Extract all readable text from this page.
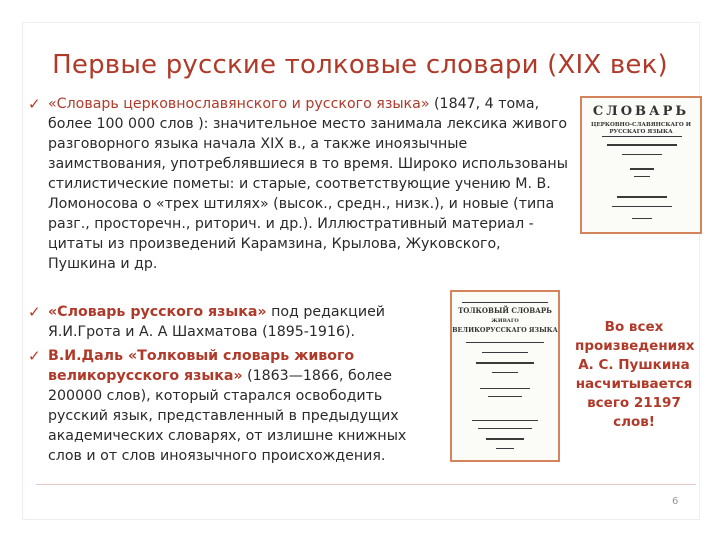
Первые русские толковые словари (XIX век)
✓ «Словарь церковнославянского и русского языка» (1847, 4 тома, более 100 000 слов ): значительное место занимала лексика живого разговорного языка начала XIX в., а также иноязычные заимствования, употреблявшиеся в то время. Широко использованы стилистические пометы: и старые, соответствующие учению М. В. Ломоносова о «трех штилях» (высок., средн., низк.), и новые (типа разг., просторечн., риторич. и др.). Иллюстративный материал - цитаты из произведений Карамзина, Крылова, Жуковского, Пушкина и др.
СЛОВАРЬ
ЦЕРКОВНО-СЛАВЯНСКАГО И РУССКАГО ЯЗЫКА
✓ «Словарь русского языка» под редакцией Я.И.Грота и А. А Шахматова (1895‑1916).
✓ В.И.Даль «Толковый словарь живого великорусского языка» (1863—1866, более 200000 слов), который старался освободить русский язык, представленный в предыдущих академических словарях, от излишне книжных слов и от слов иноязычного происхождения.
ТОЛКОВЫЙ СЛОВАРЬ
ЖИВАГО
ВЕЛИКОРУССКАГО ЯЗЫКА	Во всех произведениях А. С. Пушкина насчитывается всего 21197 слов!
6
